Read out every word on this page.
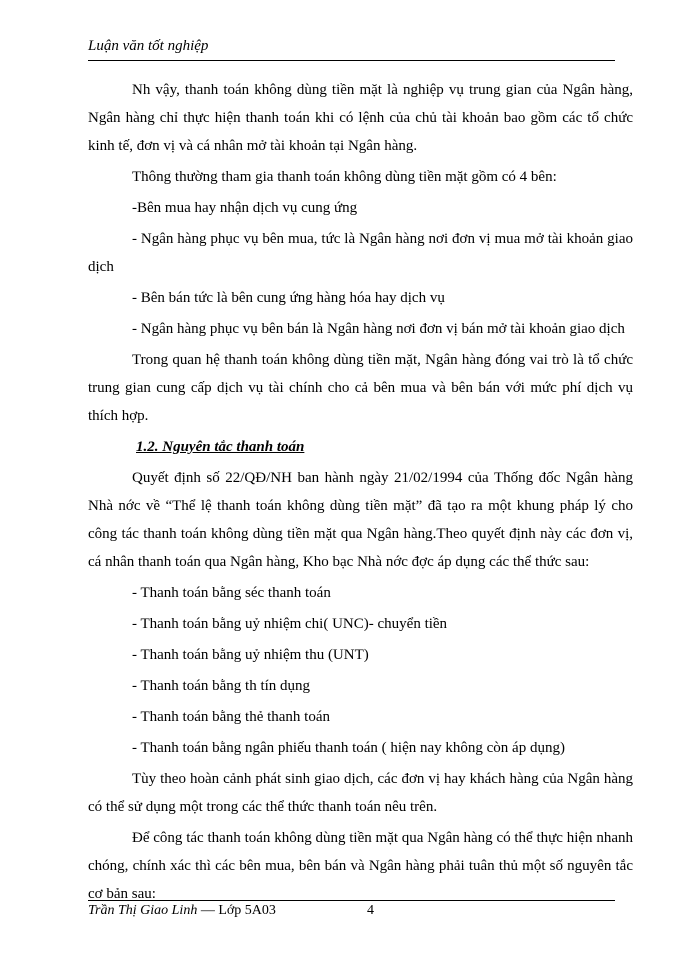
Luận văn tốt nghiệp

Nh vậy, thanh toán không dùng tiền mặt là nghiệp vụ trung gian của Ngân hàng, Ngân hàng chỉ thực hiện thanh toán khi có lệnh của chủ tài khoản bao gồm các tổ chức kinh tế, đơn vị và cá nhân mở tài khoản tại Ngân hàng.

Thông thường tham gia thanh toán không dùng tiền mặt gồm có 4 bên:

-Bên mua hay nhận dịch vụ cung ứng

- Ngân hàng phục vụ bên mua, tức là Ngân hàng nơi đơn vị mua mở tài khoản giao dịch

- Bên bán tức là bên cung ứng hàng hóa hay dịch vụ

- Ngân hàng phục vụ bên bán là Ngân hàng nơi đơn vị bán mở tài khoản giao dịch

Trong quan hệ thanh toán không dùng tiền mặt, Ngân hàng đóng vai trò là tổ chức trung gian cung cấp dịch vụ tài chính cho cả bên mua và bên bán với mức phí dịch vụ thích hợp.

1.2. Nguyên tắc thanh toán

Quyết định số 22/QĐ/NH ban hành ngày 21/02/1994 của Thống đốc Ngân hàng Nhà nớc về “Thể lệ thanh toán không dùng tiền mặt” đã tạo ra một khung pháp lý cho công tác thanh toán không dùng tiền mặt qua Ngân hàng.Theo quyết định này các đơn vị, cá nhân thanh toán qua Ngân hàng, Kho bạc Nhà nớc đợc áp dụng các thể thức sau:

- Thanh toán bằng séc thanh toán

- Thanh toán bằng uỷ nhiệm chi( UNC)- chuyển tiền

- Thanh toán bằng uỷ nhiệm thu (UNT)

- Thanh toán bằng th tín dụng

- Thanh toán bằng thẻ thanh toán

- Thanh toán bằng ngân phiếu thanh toán ( hiện nay không còn áp dụng)

Tùy theo hoàn cảnh phát sinh giao dịch, các đơn vị hay khách hàng của Ngân hàng có thể sử dụng một trong các thể thức thanh toán nêu trên.

Để công tác thanh toán không dùng tiền mặt qua Ngân hàng có thể thực hiện nhanh chóng, chính xác thì các bên mua, bên bán và Ngân hàng phải tuân thủ một số nguyên tắc cơ bản sau:

Trần Thị Giao Linh — Lớp 5A03	4
